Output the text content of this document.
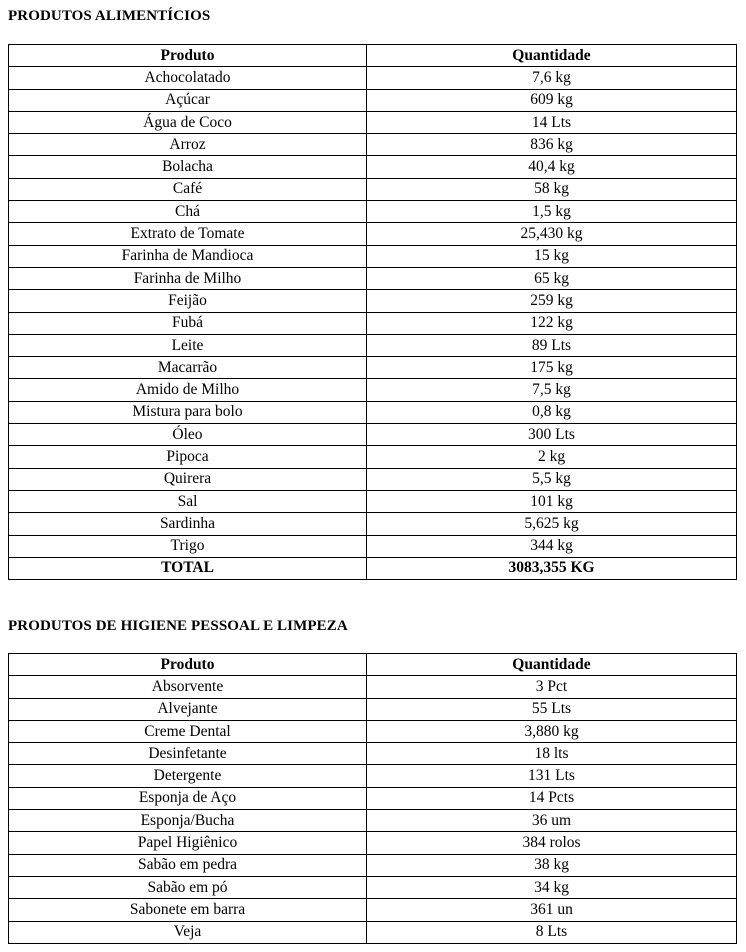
PRODUTOS ALIMENTÍCIOS
Produto	Quantidade
Achocolatado	7,6 kg
Açúcar	609 kg
Água de Coco	14 Lts
Arroz	836 kg
Bolacha	40,4 kg
Café	58 kg
Chá	1,5 kg
Extrato de Tomate	25,430 kg
Farinha de Mandioca	15 kg
Farinha de Milho	65 kg
Feijão	259 kg
Fubá	122 kg
Leite	89 Lts
Macarrão	175 kg
Amido de Milho	7,5 kg
Mistura para bolo	0,8 kg
Óleo	300 Lts
Pipoca	2 kg
Quirera	5,5 kg
Sal	101 kg
Sardinha	5,625 kg
Trigo	344 kg
TOTAL	3083,355 KG
PRODUTOS DE HIGIENE PESSOAL E LIMPEZA
Produto	Quantidade
Absorvente	3 Pct
Alvejante	55 Lts
Creme Dental	3,880 kg
Desinfetante	18 lts
Detergente	131 Lts
Esponja de Aço	14 Pcts
Esponja/Bucha	36 um
Papel Higiênico	384 rolos
Sabão em pedra	38 kg
Sabão em pó	34 kg
Sabonete em barra	361 un
Veja	8 Lts
